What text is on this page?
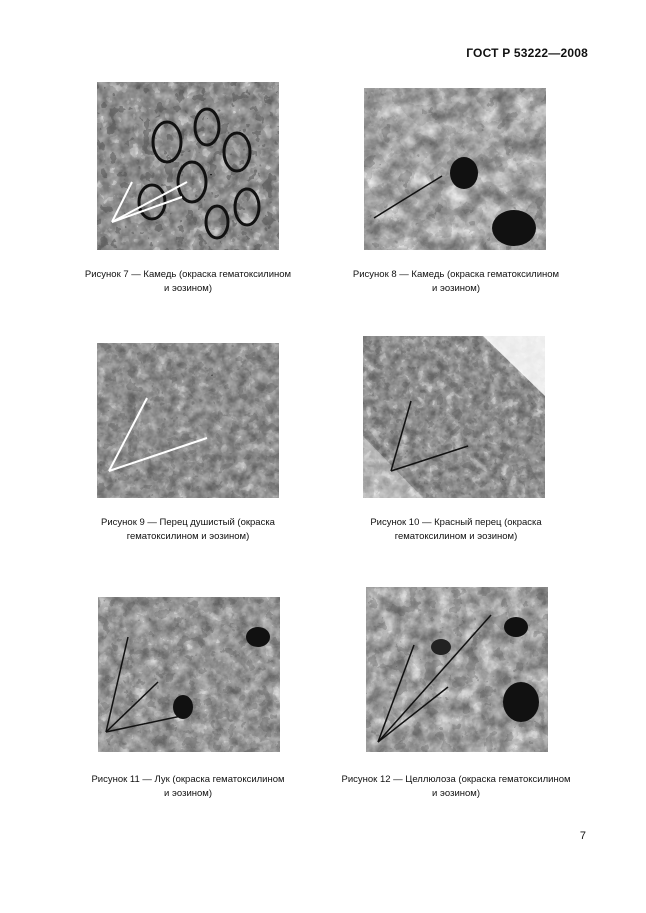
ГОСТ Р 53222—2008
Рисунок 7 — Камедь (окраска гематоксилином
и эозином)
Рисунок 8 — Камедь (окраска гематоксилином
и эозином)
Рисунок 9 — Перец душистый (окраска
гематоксилином и эозином)
Рисунок 10 — Красный перец (окраска
гематоксилином и эозином)
Рисунок 11 — Лук (окраска гематоксилином
и эозином)
Рисунок 12 — Целлюлоза (окраска гематоксилином
и эозином)
7
